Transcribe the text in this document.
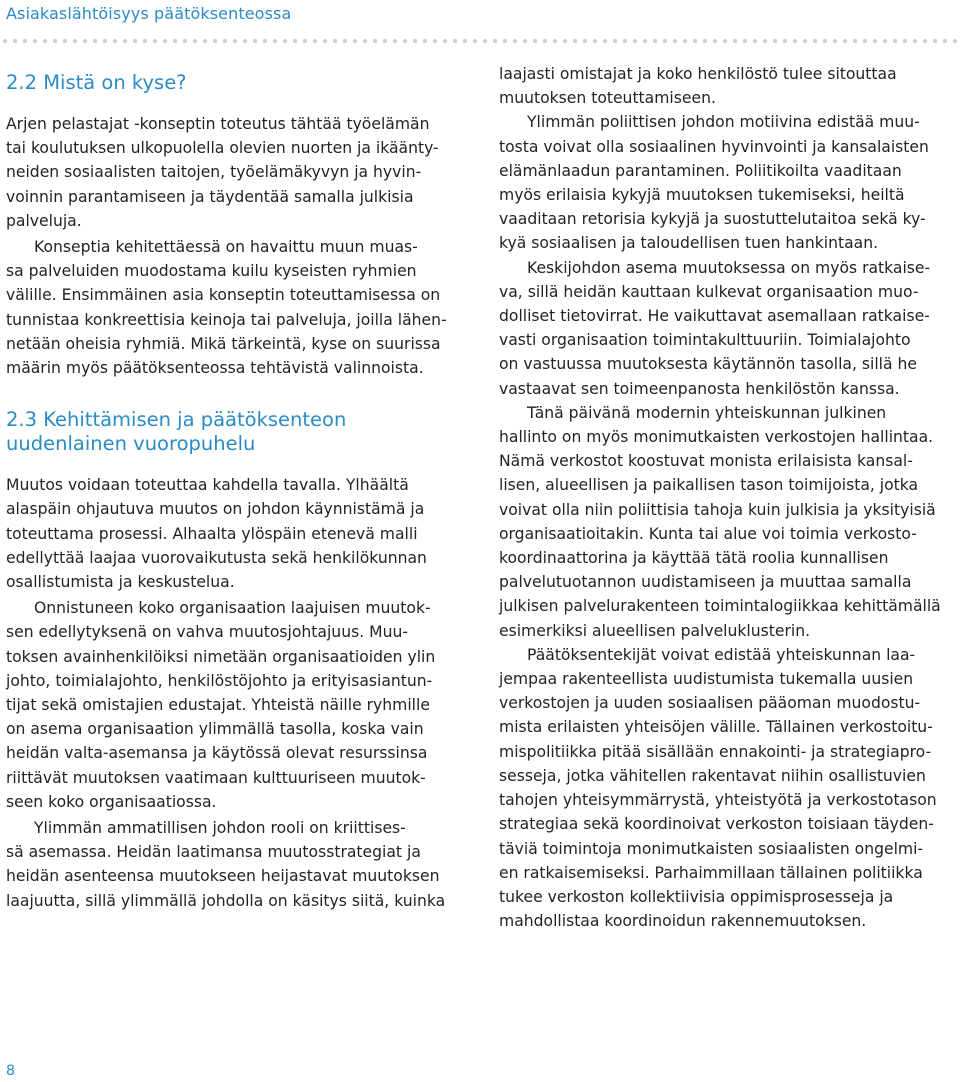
Asiakaslähtöisyys päätöksenteossa
2.2 Mistä on kyse?

Arjen pelastajat -konseptin toteutus tähtää työelämän
tai koulutuksen ulkopuolella olevien nuorten ja ikäänty-
neiden sosiaalisten taitojen, työelämäkyvyn ja hyvin-
voinnin parantamiseen ja täydentää samalla julkisia
palveluja.

Konseptia kehitettäessä on havaittu muun muas-
sa palveluiden muodostama kuilu kyseisten ryhmien
välille. Ensimmäinen asia konseptin toteuttamisessa on
tunnistaa konkreettisia keinoja tai palveluja, joilla lähen-
netään oheisia ryhmiä. Mikä tärkeintä, kyse on suurissa
määrin myös päätöksenteossa tehtävistä valinnoista.

2.3 Kehittämisen ja päätöksenteon
uudenlainen vuoropuhelu

Muutos voidaan toteuttaa kahdella tavalla. Ylhäältä
alaspäin ohjautuva muutos on johdon käynnistämä ja
toteuttama prosessi. Alhaalta ylöspäin etenevä malli
edellyttää laajaa vuorovaikutusta sekä henkilökunnan
osallistumista ja keskustelua.

Onnistuneen koko organisaation laajuisen muutok-
sen edellytyksenä on vahva muutosjohtajuus. Muu-
toksen avainhenkilöiksi nimetään organisaatioiden ylin
johto, toimialajohto, henkilöstöjohto ja erityisasiantun-
tijat sekä omistajien edustajat. Yhteistä näille ryhmille
on asema organisaation ylimmällä tasolla, koska vain
heidän valta-asemansa ja käytössä olevat resurssinsa
riittävät muutoksen vaatimaan kulttuuriseen muutok-
seen koko organisaatiossa.

Ylimmän ammatillisen johdon rooli on kriittises-
sä asemassa. Heidän laatimansa muutosstrategiat ja
heidän asenteensa muutokseen heijastavat muutoksen
laajuutta, sillä ylimmällä johdolla on käsitys siitä, kuinka

laajasti omistajat ja koko henkilöstö tulee sitouttaa
muutoksen toteuttamiseen.

Ylimmän poliittisen johdon motiivina edistää muu-
tosta voivat olla sosiaalinen hyvinvointi ja kansalaisten
elämänlaadun parantaminen. Poliitikoilta vaaditaan
myös erilaisia kykyjä muutoksen tukemiseksi, heiltä
vaaditaan retorisia kykyjä ja suostuttelutaitoa sekä ky-
kyä sosiaalisen ja taloudellisen tuen hankintaan.

Keskijohdon asema muutoksessa on myös ratkaise-
va, sillä heidän kauttaan kulkevat organisaation muo-
dolliset tietovirrat. He vaikuttavat asemallaan ratkaise-
vasti organisaation toimintakulttuuriin. Toimialajohto
on vastuussa muutoksesta käytännön tasolla, sillä he
vastaavat sen toimeenpanosta henkilöstön kanssa.

Tänä päivänä modernin yhteiskunnan julkinen
hallinto on myös monimutkaisten verkostojen hallintaa.
Nämä verkostot koostuvat monista erilaisista kansal-
lisen, alueellisen ja paikallisen tason toimijoista, jotka
voivat olla niin poliittisia tahoja kuin julkisia ja yksityisiä
organisaatioitakin. Kunta tai alue voi toimia verkosto-
koordinaattorina ja käyttää tätä roolia kunnallisen
palvelutuotannon uudistamiseen ja muuttaa samalla
julkisen palvelurakenteen toimintalogiikkaa kehittämällä
esimerkiksi alueellisen palveluklusterin.

Päätöksentekijät voivat edistää yhteiskunnan laa-
jempaa rakenteellista uudistumista tukemalla uusien
verkostojen ja uuden sosiaalisen pääoman muodostu-
mista erilaisten yhteisöjen välille. Tällainen verkostoitu-
mispolitiikka pitää sisällään ennakointi- ja strategiapro-
sesseja, jotka vähitellen rakentavat niihin osallistuvien
tahojen yhteisymmärrystä, yhteistyötä ja verkostotason
strategiaa sekä koordinoivat verkoston toisiaan täyden-
täviä toimintoja monimutkaisten sosiaalisten ongelmi-
en ratkaisemiseksi. Parhaimmillaan tällainen politiikka
tukee verkoston kollektiivisia oppimisprosesseja ja
mahdollistaa koordinoidun rakennemuutoksen.

8
